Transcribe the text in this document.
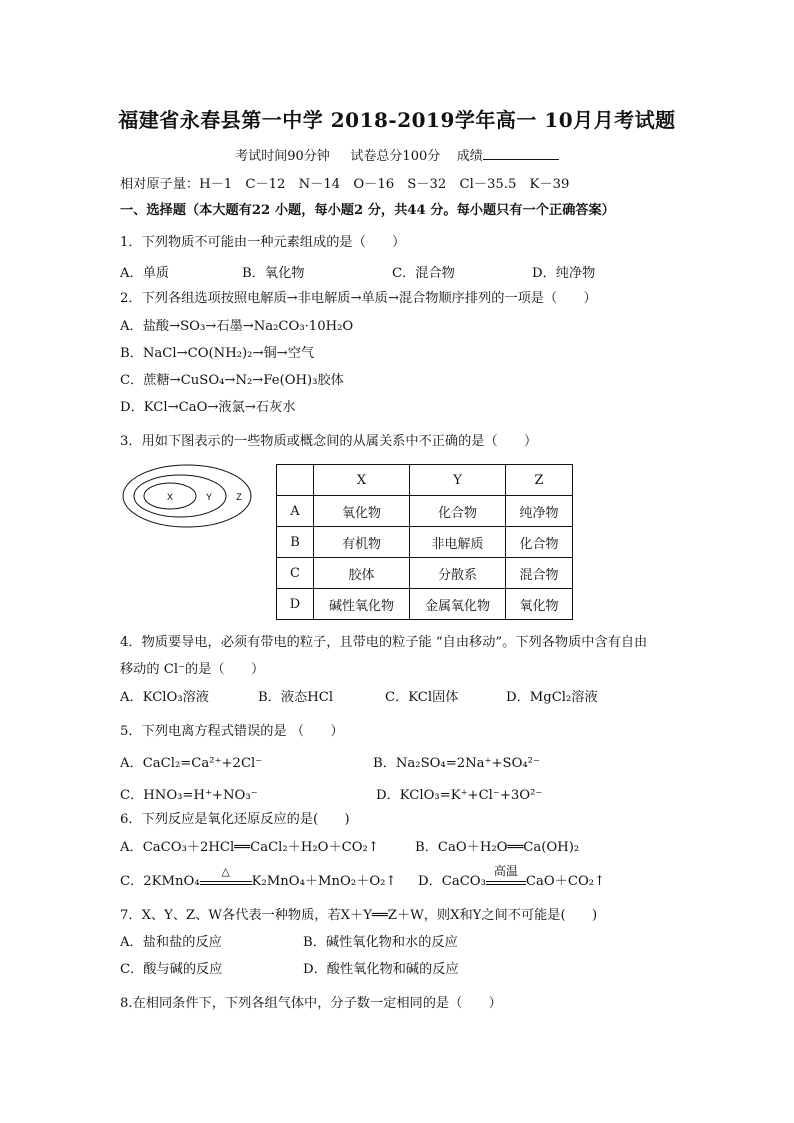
福建省永春县第一中学 2018-2019学年高一 10月月考试题
考试时间90分钟 试卷总分100分 成绩
相对原子量：H－1　C－12　N－14　O－16　S－32　Cl－35.5　K－39
一、选择题（本大题有22 小题，每小题2 分，共44 分。每小题只有一个正确答案）
1．下列物质不可能由一种元素组成的是（　　）
A．单质	B．氧化物	C．混合物	D．纯净物
2．下列各组选项按照电解质→非电解质→单质→混合物顺序排列的一项是（　　）
A．盐酸→SO₃→石墨→Na₂CO₃·10H₂O
B．NaCl→CO(NH₂)₂→铜→空气
C．蔗糖→CuSO₄→N₂→Fe(OH)₃胶体
D．KCl→CaO→液氯→石灰水
3．用如下图表示的一些物质或概念间的从属关系中不正确的是（　　）
X	Y	Z
	X	Y	Z
A	氧化物	化合物	纯净物
B	有机物	非电解质	化合物
C	胶体	分散系	混合物
D	碱性氧化物	金属氧化物	氧化物
4．物质要导电，必须有带电的粒子，且带电的粒子能 “自由移动”。下列各物质中含有自由
移动的 Cl⁻的是（　　）
A．KClO₃溶液	B．液态HCl	C．KCl固体	D．MgCl₂溶液
5．下列电离方程式错误的是 （　　）
A．CaCl₂=Ca²⁺+2Cl⁻	B．Na₂SO₄=2Na⁺+SO₄²⁻
C．HNO₃=H⁺+NO₃⁻	D．KClO₃=K⁺+Cl⁻+3O²⁻
6．下列反应是氧化还原反应的是(　　)
A．CaCO₃＋2HCl══CaCl₂＋H₂O＋CO₂↑	B．CaO＋H₂O══Ca(OH)₂
C．2KMnO₄
△
K₂MnO₄＋MnO₂＋O₂↑ D．CaCO₃
高温
CaO＋CO₂↑
7．X、Y、Z、W各代表一种物质，若X＋Y══Z＋W，则X和Y之间不可能是(　　)
A．盐和盐的反应	B．碱性氧化物和水的反应
C．酸与碱的反应	D．酸性氧化物和碱的反应
8.在相同条件下，下列各组气体中，分子数一定相同的是（　　）
